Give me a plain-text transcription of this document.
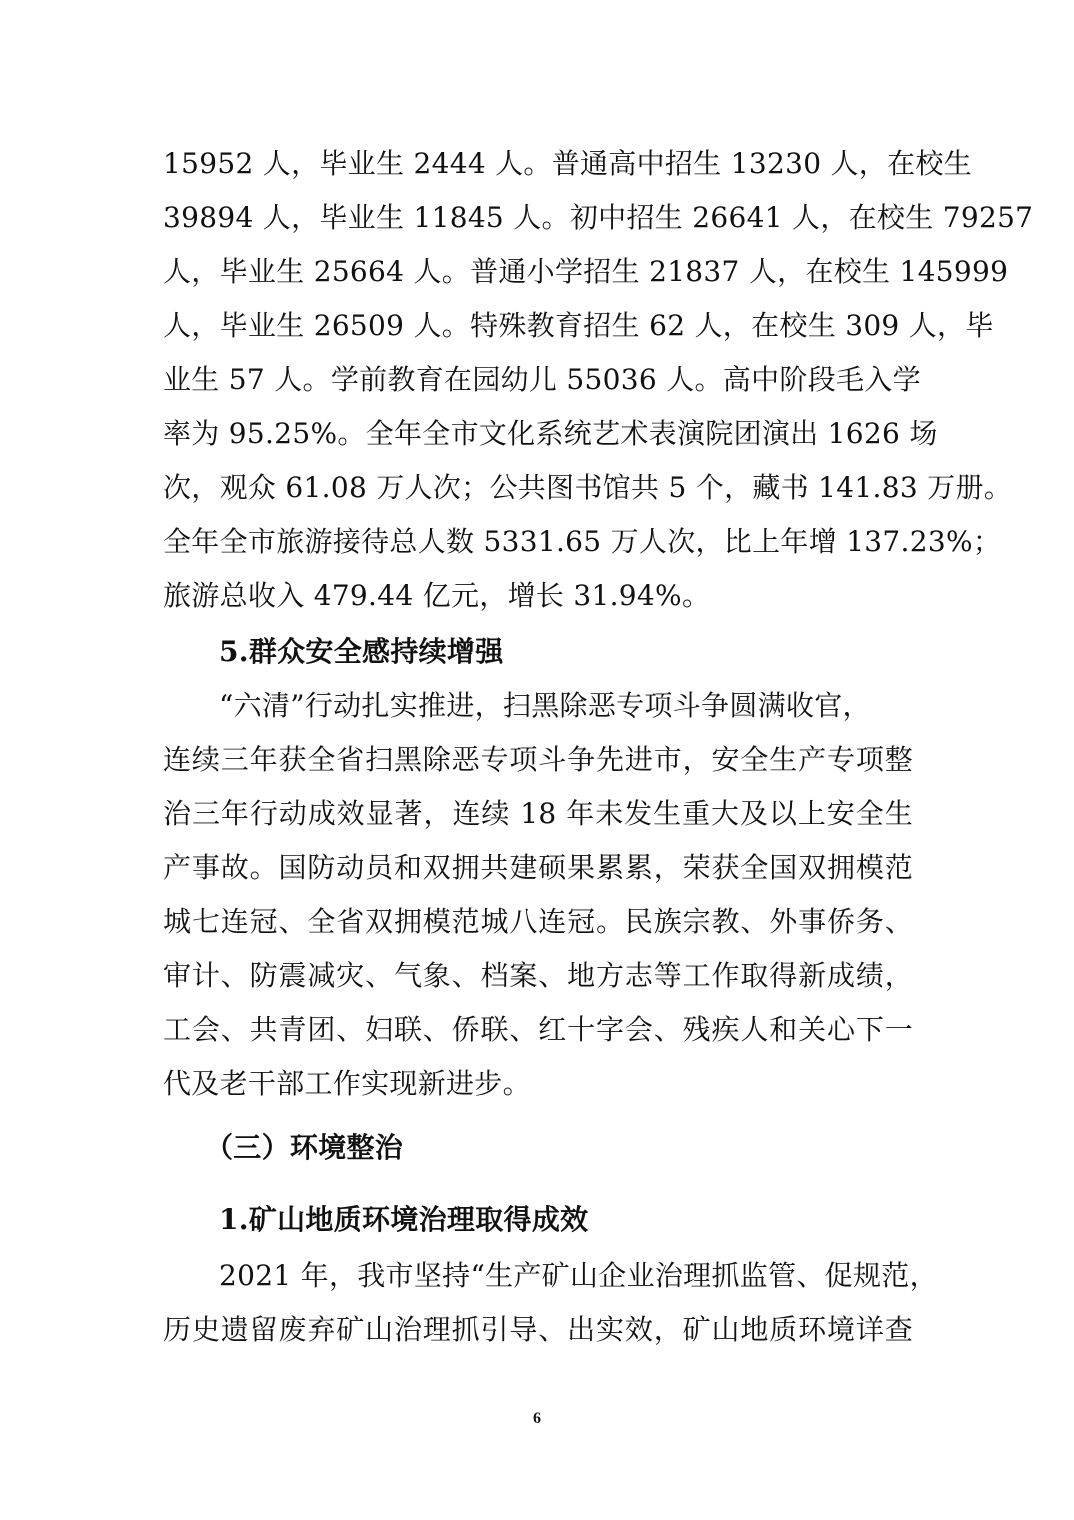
15952 人，毕业生 2444 人。普通高中招生 13230 人，在校生
39894 人，毕业生 11845 人。初中招生 26641 人，在校生 79257
人，毕业生 25664 人。普通小学招生 21837 人，在校生 145999
人，毕业生 26509 人。特殊教育招生 62 人，在校生 309 人，毕
业生 57 人。学前教育在园幼儿 55036 人。高中阶段毛入学
率为 95.25%。全年全市文化系统艺术表演院团演出 1626 场
次，观众 61.08 万人次；公共图书馆共 5 个，藏书 141.83 万册。
全年全市旅游接待总人数 5331.65 万人次，比上年增 137.23%；
旅游总收入 479.44 亿元，增长 31.94%。
5.群众安全感持续增强
“六清”行动扎实推进，扫黑除恶专项斗争圆满收官，
连续三年获全省扫黑除恶专项斗争先进市，安全生产专项整
治三年行动成效显著，连续 18 年未发生重大及以上安全生
产事故。国防动员和双拥共建硕果累累，荣获全国双拥模范
城七连冠、全省双拥模范城八连冠。民族宗教、外事侨务、
审计、防震减灾、气象、档案、地方志等工作取得新成绩，
工会、共青团、妇联、侨联、红十字会、残疾人和关心下一
代及老干部工作实现新进步。
（三）环境整治
1.矿山地质环境治理取得成效
2021 年，我市坚持“生产矿山企业治理抓监管、促规范，
历史遗留废弃矿山治理抓引导、出实效，矿山地质环境详查
6
